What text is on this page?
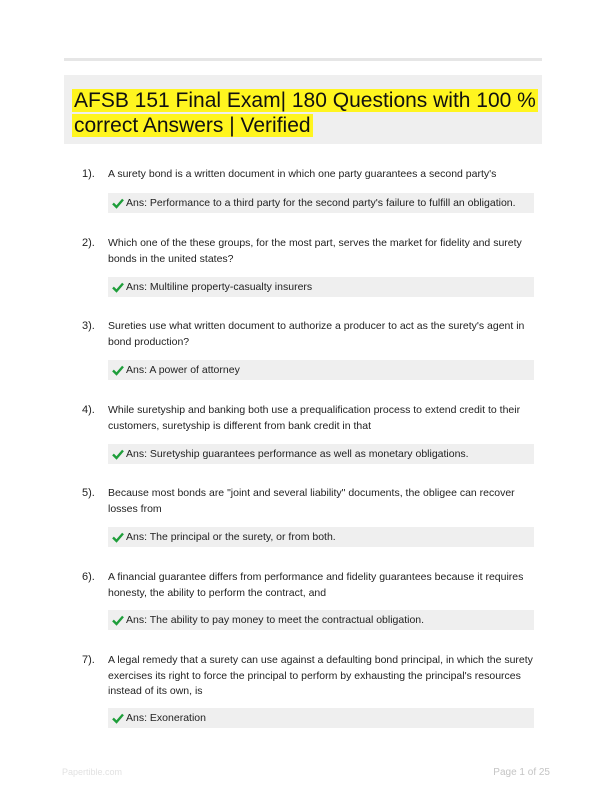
AFSB 151 Final Exam| 180 Questions with 100 % correct Answers | Verified
1). A surety bond is a written document in which one party guarantees a second party's
Ans: Performance to a third party for the second party's failure to fulfill an obligation.
2). Which one of the these groups, for the most part, serves the market for fidelity and surety bonds in the united states?
Ans: Multiline property-casualty insurers
3). Sureties use what written document to authorize a producer to act as the surety's agent in bond production?
Ans: A power of attorney
4). While suretyship and banking both use a prequalification process to extend credit to their customers, suretyship is different from bank credit in that
Ans: Suretyship guarantees performance as well as monetary obligations.
5). Because most bonds are "joint and several liability" documents, the obligee can recover losses from
Ans: The principal or the surety, or from both.
6). A financial guarantee differs from performance and fidelity guarantees because it requires honesty, the ability to perform the contract, and
Ans: The ability to pay money to meet the contractual obligation.
7). A legal remedy that a surety can use against a defaulting bond principal, in which the surety exercises its right to force the principal to perform by exhausting the principal's resources instead of its own, is
Ans: Exoneration
Papertible.com	Page 1 of 25
